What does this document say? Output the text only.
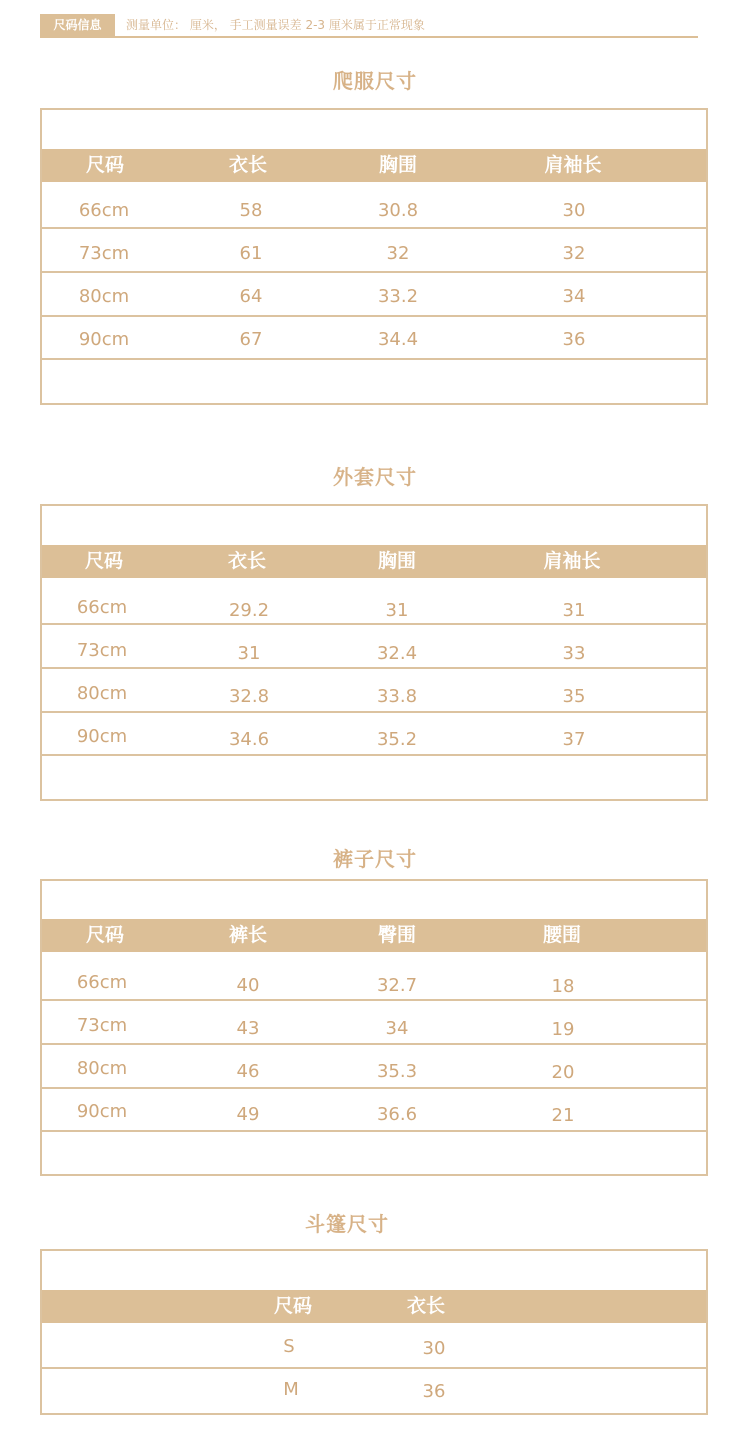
尺码信息	测量单位： 厘米， 手工测量误差 2-3 厘米属于正常现象
爬服尺寸
尺码	衣长	胸围	肩袖长
66cm	58	30.8	30
73cm	61	32	32
80cm	64	33.2	34
90cm	67	34.4	36
外套尺寸
尺码	衣长	胸围	肩袖长
66cm	29.2	31	31
73cm	31	32.4	33
80cm	32.8	33.8	35
90cm	34.6	35.2	37
裤子尺寸
尺码	裤长	臀围	腰围
66cm	40	32.7	18
73cm	43	34	19
80cm	46	35.3	20
90cm	49	36.6	21
斗篷尺寸
尺码	衣长
S	30
M	36
